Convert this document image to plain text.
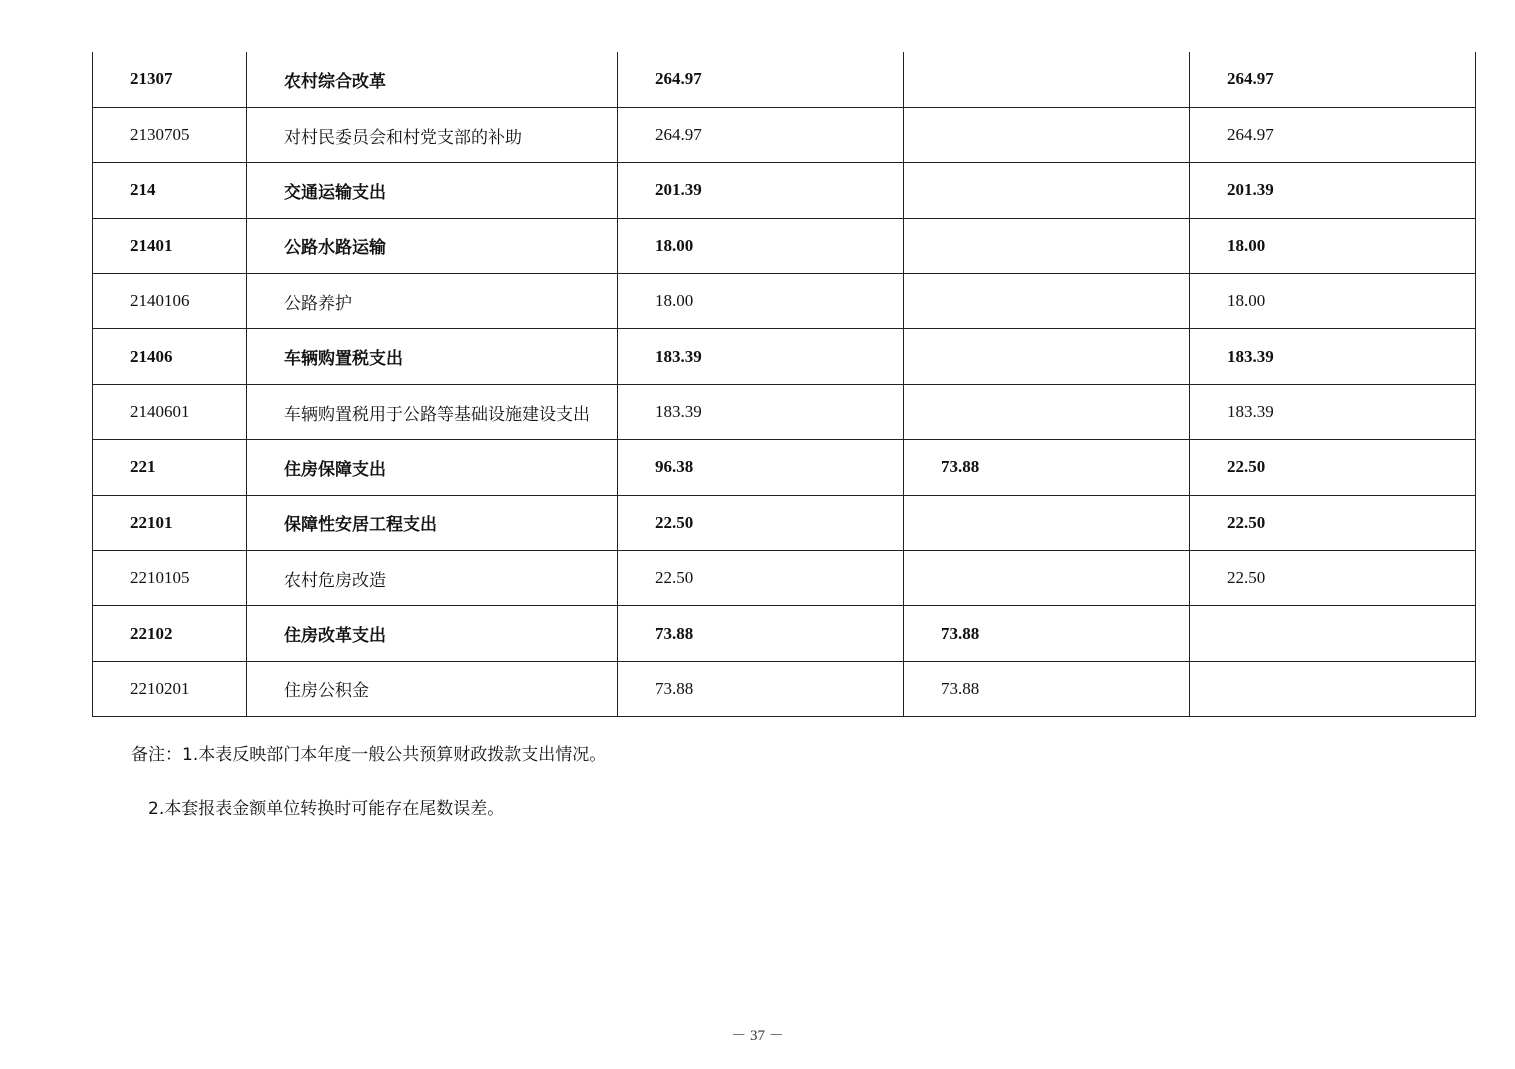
21307	农村综合改革	264.97		264.97
2130705	对村民委员会和村党支部的补助	264.97		264.97
214	交通运输支出	201.39		201.39
21401	公路水路运输	18.00		18.00
2140106	公路养护	18.00		18.00
21406	车辆购置税支出	183.39		183.39
2140601	车辆购置税用于公路等基础设施建设支出	183.39		183.39
221	住房保障支出	96.38	73.88	22.50
22101	保障性安居工程支出	22.50		22.50
2210105	农村危房改造	22.50		22.50
22102	住房改革支出	73.88	73.88	
2210201	住房公积金	73.88	73.88	
备注：1.本表反映部门本年度一般公共预算财政拨款支出情况。
2.本套报表金额单位转换时可能存在尾数误差。
－ 37 －
